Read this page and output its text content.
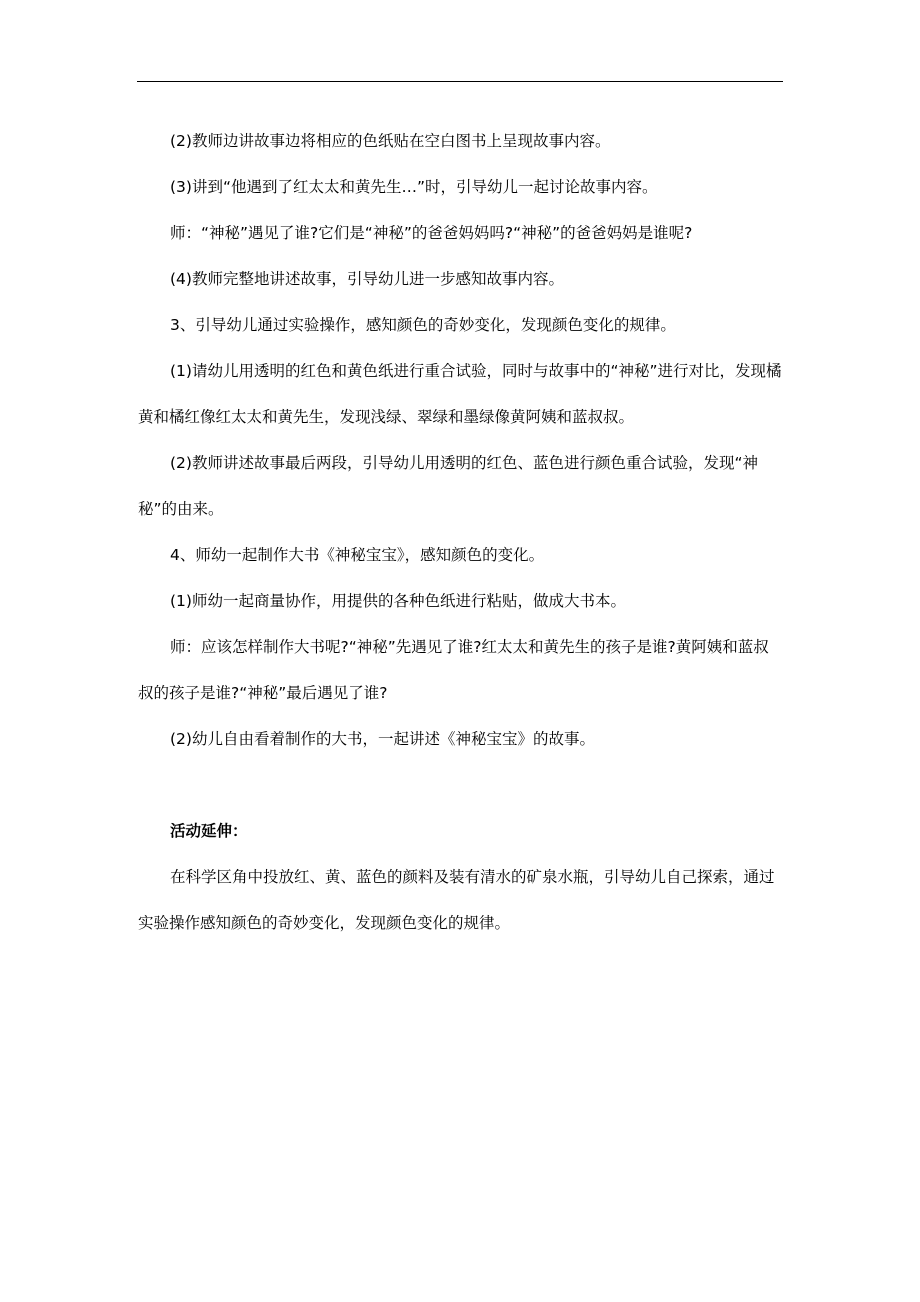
(2)教师边讲故事边将相应的色纸贴在空白图书上呈现故事内容。

(3)讲到“他遇到了红太太和黄先生…”时，引导幼儿一起讨论故事内容。

师：“神秘”遇见了谁?它们是“神秘”的爸爸妈妈吗?“神秘”的爸爸妈妈是谁呢?

(4)教师完整地讲述故事，引导幼儿进一步感知故事内容。

3、引导幼儿通过实验操作，感知颜色的奇妙变化，发现颜色变化的规律。

(1)请幼儿用透明的红色和黄色纸进行重合试验，同时与故事中的“神秘”进行对比，发现橘黄和橘红像红太太和黄先生，发现浅绿、翠绿和墨绿像黄阿姨和蓝叔叔。

(2)教师讲述故事最后两段，引导幼儿用透明的红色、蓝色进行颜色重合试验，发现“神秘”的由来。

4、师幼一起制作大书《神秘宝宝》，感知颜色的变化。

(1)师幼一起商量协作，用提供的各种色纸进行粘贴，做成大书本。

师：应该怎样制作大书呢?“神秘”先遇见了谁?红太太和黄先生的孩子是谁?黄阿姨和蓝叔叔的孩子是谁?“神秘”最后遇见了谁?

(2)幼儿自由看着制作的大书，一起讲述《神秘宝宝》的故事。

活动延伸：

在科学区角中投放红、黄、蓝色的颜料及装有清水的矿泉水瓶，引导幼儿自己探索，通过实验操作感知颜色的奇妙变化，发现颜色变化的规律。
